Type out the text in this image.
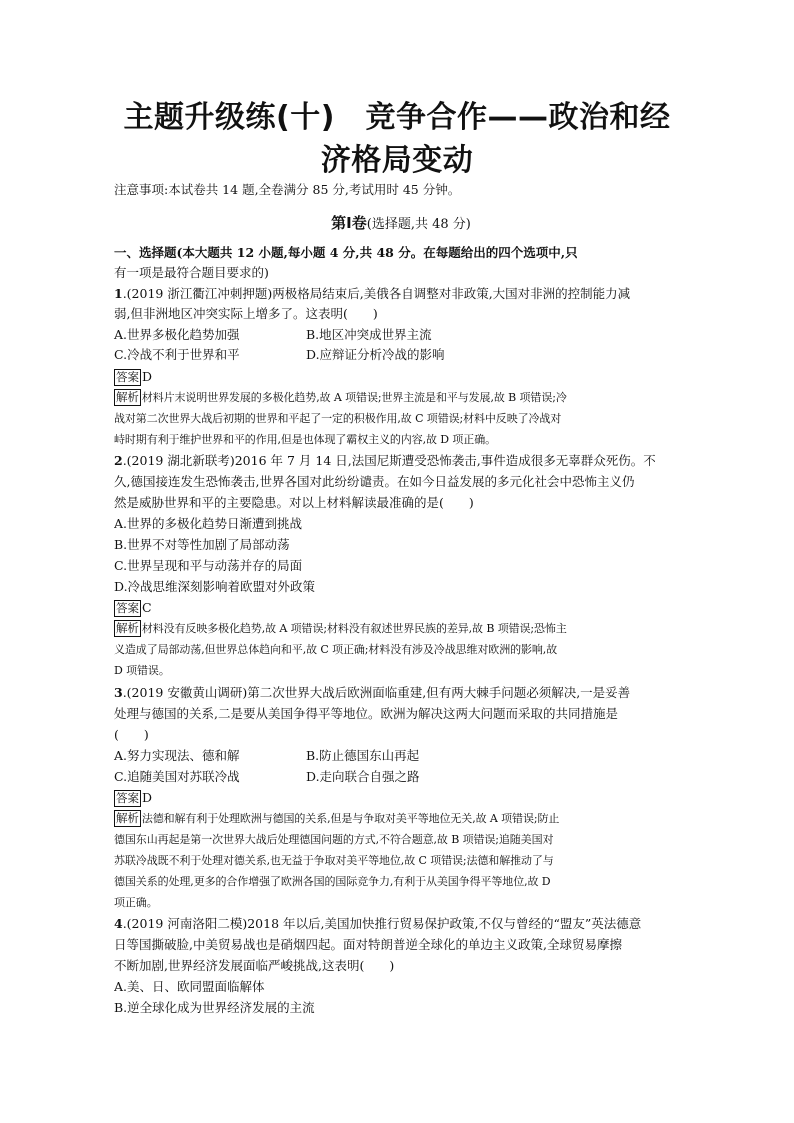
主题升级练(十)　竞争合作——政治和经
济格局变动
注意事项:本试卷共 14 题,全卷满分 85 分,考试用时 45 分钟。
第Ⅰ卷(选择题,共 48 分)
一、选择题(本大题共 12 小题,每小题 4 分,共 48 分。在每题给出的四个选项中,只
有一项是最符合题目要求的)
1.(2019 浙江衢江冲刺押题)两极格局结束后,美俄各自调整对非政策,大国对非洲的控制能力减
弱,但非洲地区冲突实际上增多了。这表明(　　)
A.世界多极化趋势加强	B.地区冲突成世界主流
C.冷战不利于世界和平	D.应辩证分析冷战的影响
答案 D
解析 材料片末说明世界发展的多极化趋势,故 A 项错误;世界主流是和平与发展,故 B 项错误;冷
战对第二次世界大战后初期的世界和平起了一定的积极作用,故 C 项错误;材料中反映了冷战对
峙时期有利于维护世界和平的作用,但是也体现了霸权主义的内容,故 D 项正确。
2.(2019 湖北新联考)2016 年 7 月 14 日,法国尼斯遭受恐怖袭击,事件造成很多无辜群众死伤。不
久,德国接连发生恐怖袭击,世界各国对此纷纷谴责。在如今日益发展的多元化社会中恐怖主义仍
然是威胁世界和平的主要隐患。对以上材料解读最准确的是(　　)
A.世界的多极化趋势日渐遭到挑战
B.世界不对等性加剧了局部动荡
C.世界呈现和平与动荡并存的局面
D.冷战思维深刻影响着欧盟对外政策
答案 C
解析 材料没有反映多极化趋势,故 A 项错误;材料没有叙述世界民族的差异,故 B 项错误;恐怖主
义造成了局部动荡,但世界总体趋向和平,故 C 项正确;材料没有涉及冷战思维对欧洲的影响,故
D 项错误。
3.(2019 安徽黄山调研)第二次世界大战后欧洲面临重建,但有两大棘手问题必须解决,一是妥善
处理与德国的关系,二是要从美国争得平等地位。欧洲为解决这两大问题而采取的共同措施是
(　　)
A.努力实现法、德和解	B.防止德国东山再起
C.追随美国对苏联冷战	D.走向联合自强之路
答案 D
解析 法德和解有利于处理欧洲与德国的关系,但是与争取对美平等地位无关,故 A 项错误;防止
德国东山再起是第一次世界大战后处理德国问题的方式,不符合题意,故 B 项错误;追随美国对
苏联冷战既不利于处理对德关系,也无益于争取对美平等地位,故 C 项错误;法德和解推动了与
德国关系的处理,更多的合作增强了欧洲各国的国际竞争力,有利于从美国争得平等地位,故 D
项正确。
4.(2019 河南洛阳二模)2018 年以后,美国加快推行贸易保护政策,不仅与曾经的“盟友”英法德意
日等国撕破脸,中美贸易战也是硝烟四起。面对特朗普逆全球化的单边主义政策,全球贸易摩擦
不断加剧,世界经济发展面临严峻挑战,这表明(　　)
A.美、日、欧同盟面临解体
B.逆全球化成为世界经济发展的主流
